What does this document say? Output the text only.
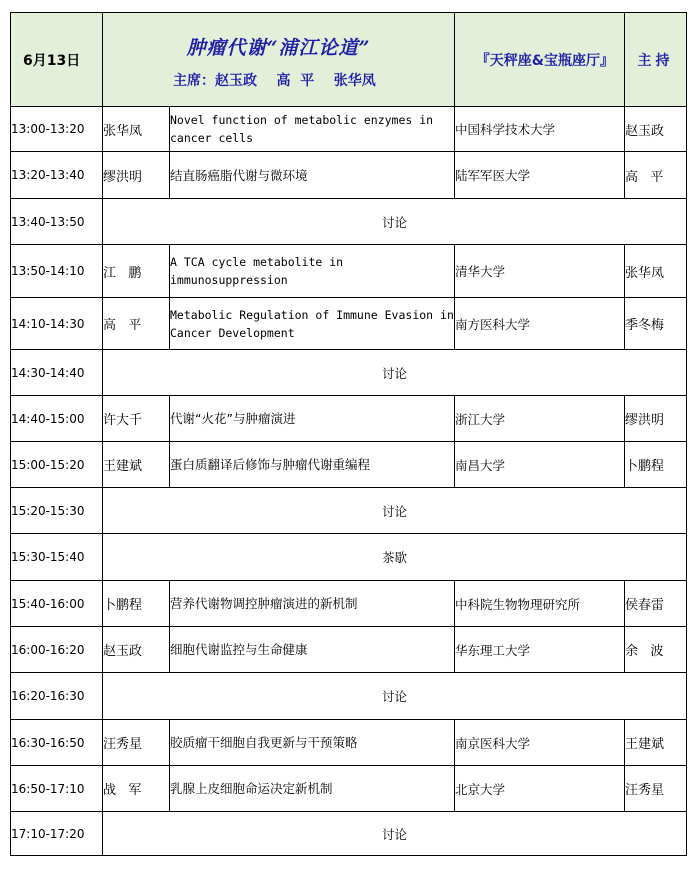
6月13日	肿瘤代谢“浦江论道”
主席：赵玉政    高  平    张华凤		『天秤座&宝瓶座厅』	主持
13:00-13:20	张华凤	Novel function of metabolic enzymes in cancer cells	中国科学技术大学	赵玉政
13:20-13:40	缪洪明	结直肠癌脂代谢与微环境	陆军军医大学	高   平
13:40-13:50	讨论			
13:50-14:10	江   鹏	A TCA cycle metabolite in immunosuppression	清华大学	张华凤
14:10-14:30	高   平	Metabolic Regulation of Immune Evasion in Cancer Development	南方医科大学	季冬梅
14:30-14:40	讨论			
14:40-15:00	许大千	代谢“火花”与肿瘤演进	浙江大学	缪洪明
15:00-15:20	王建斌	蛋白质翻译后修饰与肿瘤代谢重编程	南昌大学	卜鹏程
15:20-15:30	讨论			
15:30-15:40	茶歇			
15:40-16:00	卜鹏程	营养代谢物调控肿瘤演进的新机制	中科院生物物理研究所	侯春雷
16:00-16:20	赵玉政	细胞代谢监控与生命健康	华东理工大学	余   波
16:20-16:30	讨论			
16:30-16:50	汪秀星	胶质瘤干细胞自我更新与干预策略	南京医科大学	王建斌
16:50-17:10	战   军	乳腺上皮细胞命运决定新机制	北京大学	汪秀星
17:10-17:20	讨论			
